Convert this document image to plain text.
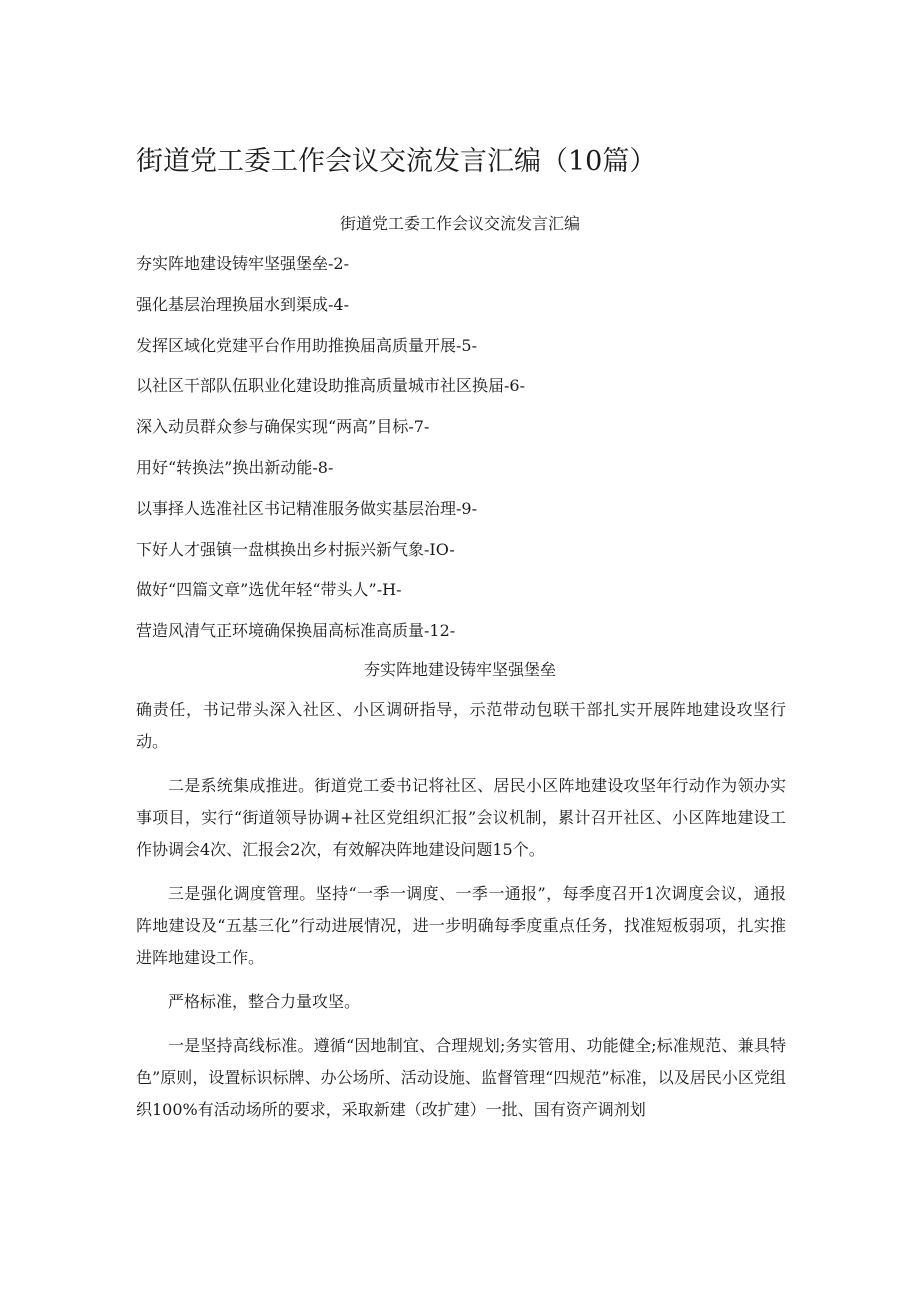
街道党工委工作会议交流发言汇编（10篇）
街道党工委工作会议交流发言汇编
夯实阵地建设铸牢坚强堡垒-2-
强化基层治理换届水到渠成-4-
发挥区域化党建平台作用助推换届高质量开展-5-
以社区干部队伍职业化建设助推高质量城市社区换届-6-
深入动员群众参与确保实现“两高”目标-7-
用好“转换法”换出新动能-8-
以事择人选准社区书记精准服务做实基层治理-9-
下好人才强镇一盘棋换出乡村振兴新气象-IO-
做好“四篇文章”选优年轻“带头人”-H-
营造风清气正环境确保换届高标准高质量-12-
夯实阵地建设铸牢坚强堡垒

确责任，书记带头深入社区、小区调研指导，示范带动包联干部扎实开展阵地建设攻坚行动。

二是系统集成推进。街道党工委书记将社区、居民小区阵地建设攻坚年行动作为领办实事项目，实行“街道领导协调+社区党组织汇报”会议机制，累计召开社区、小区阵地建设工作协调会4次、汇报会2次，有效解决阵地建设问题15个。

三是强化调度管理。坚持“一季一调度、一季一通报”，每季度召开1次调度会议，通报阵地建设及“五基三化”行动进展情况，进一步明确每季度重点任务，找准短板弱项，扎实推进阵地建设工作。

严格标准，整合力量攻坚。

一是坚持高线标准。遵循“因地制宜、合理规划;务实管用、功能健全;标准规范、兼具特色”原则，设置标识标牌、办公场所、活动设施、监督管理“四规范”标准，以及居民小区党组织100%有活动场所的要求，采取新建（改扩建）一批、国有资产调剂划
